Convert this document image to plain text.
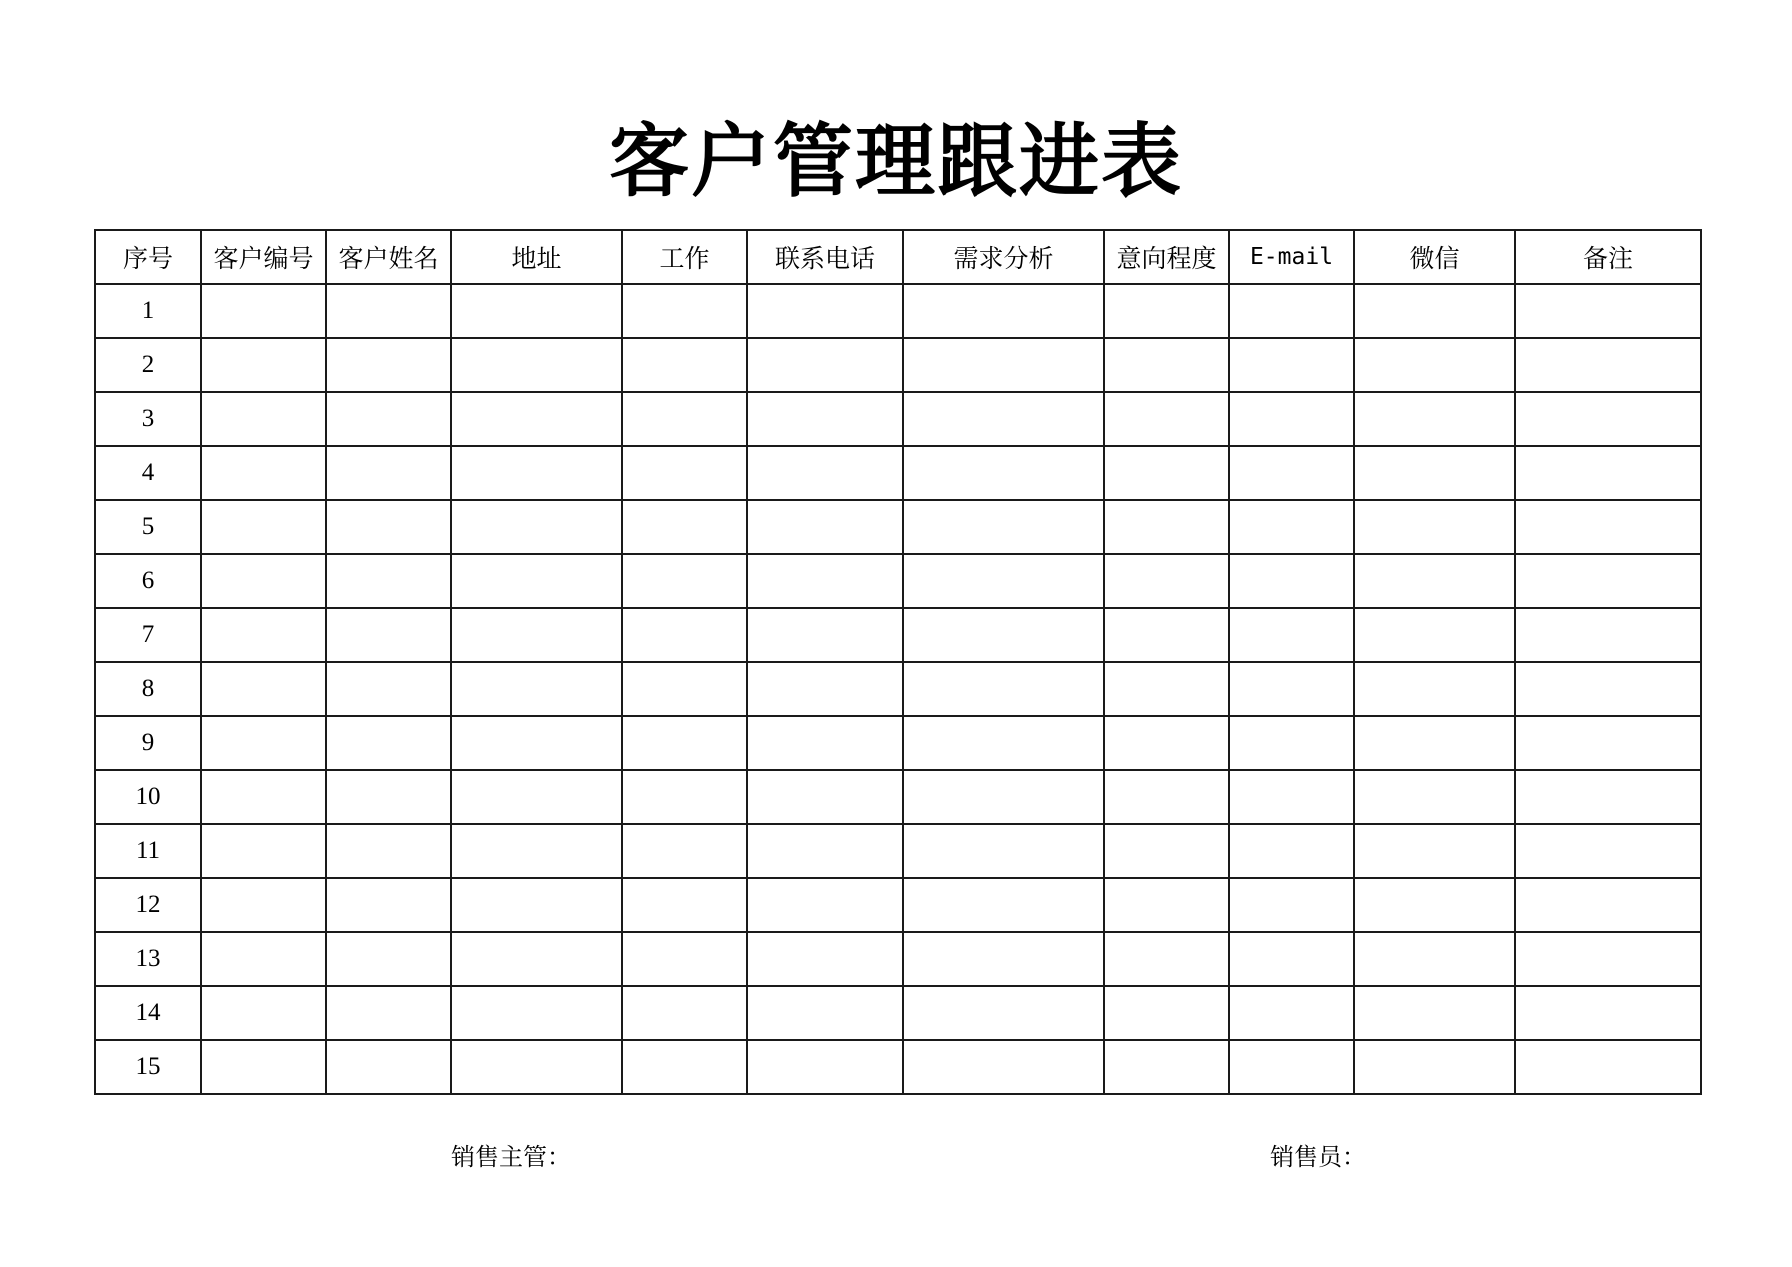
客户管理跟进表
序号	客户编号	客户姓名	地址	工作	联系电话	需求分析	意向程度	E-mail	微信	备注
1										
2										
3										
4										
5										
6										
7										
8										
9										
10										
11										
12										
13										
14										
15										
销售主管：	销售员：
